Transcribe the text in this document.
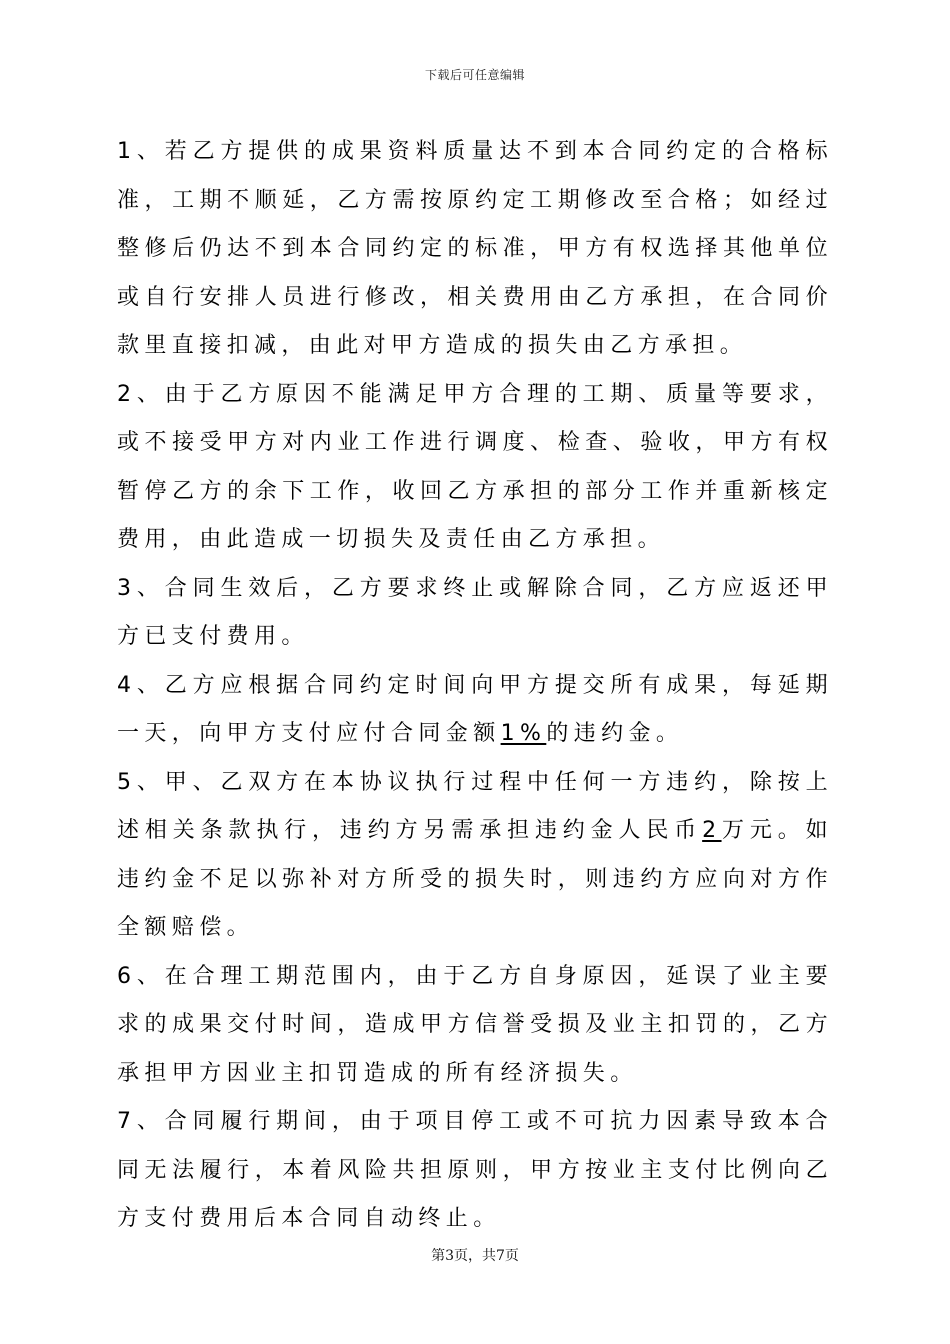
下载后可任意编辑

1、若乙方提供的成果资料质量达不到本合同约定的合格标准，工期不顺延，乙方需按原约定工期修改至合格；如经过整修后仍达不到本合同约定的标准，甲方有权选择其他单位或自行安排人员进行修改，相关费用由乙方承担，在合同价款里直接扣减，由此对甲方造成的损失由乙方承担。

2、由于乙方原因不能满足甲方合理的工期、质量等要求，或不接受甲方对内业工作进行调度、检查、验收，甲方有权暂停乙方的余下工作，收回乙方承担的部分工作并重新核定费用，由此造成一切损失及责任由乙方承担。

3、合同生效后，乙方要求终止或解除合同，乙方应返还甲方已支付费用。

4、乙方应根据合同约定时间向甲方提交所有成果，每延期一天，向甲方支付应付合同金额1%的违约金。

5、甲、乙双方在本协议执行过程中任何一方违约，除按上述相关条款执行，违约方另需承担违约金人民币2万元。如违约金不足以弥补对方所受的损失时，则违约方应向对方作全额赔偿。

6、在合理工期范围内，由于乙方自身原因，延误了业主要求的成果交付时间，造成甲方信誉受损及业主扣罚的，乙方承担甲方因业主扣罚造成的所有经济损失。

7、合同履行期间，由于项目停工或不可抗力因素导致本合同无法履行，本着风险共担原则，甲方按业主支付比例向乙方支付费用后本合同自动终止。

第3页，共7页
